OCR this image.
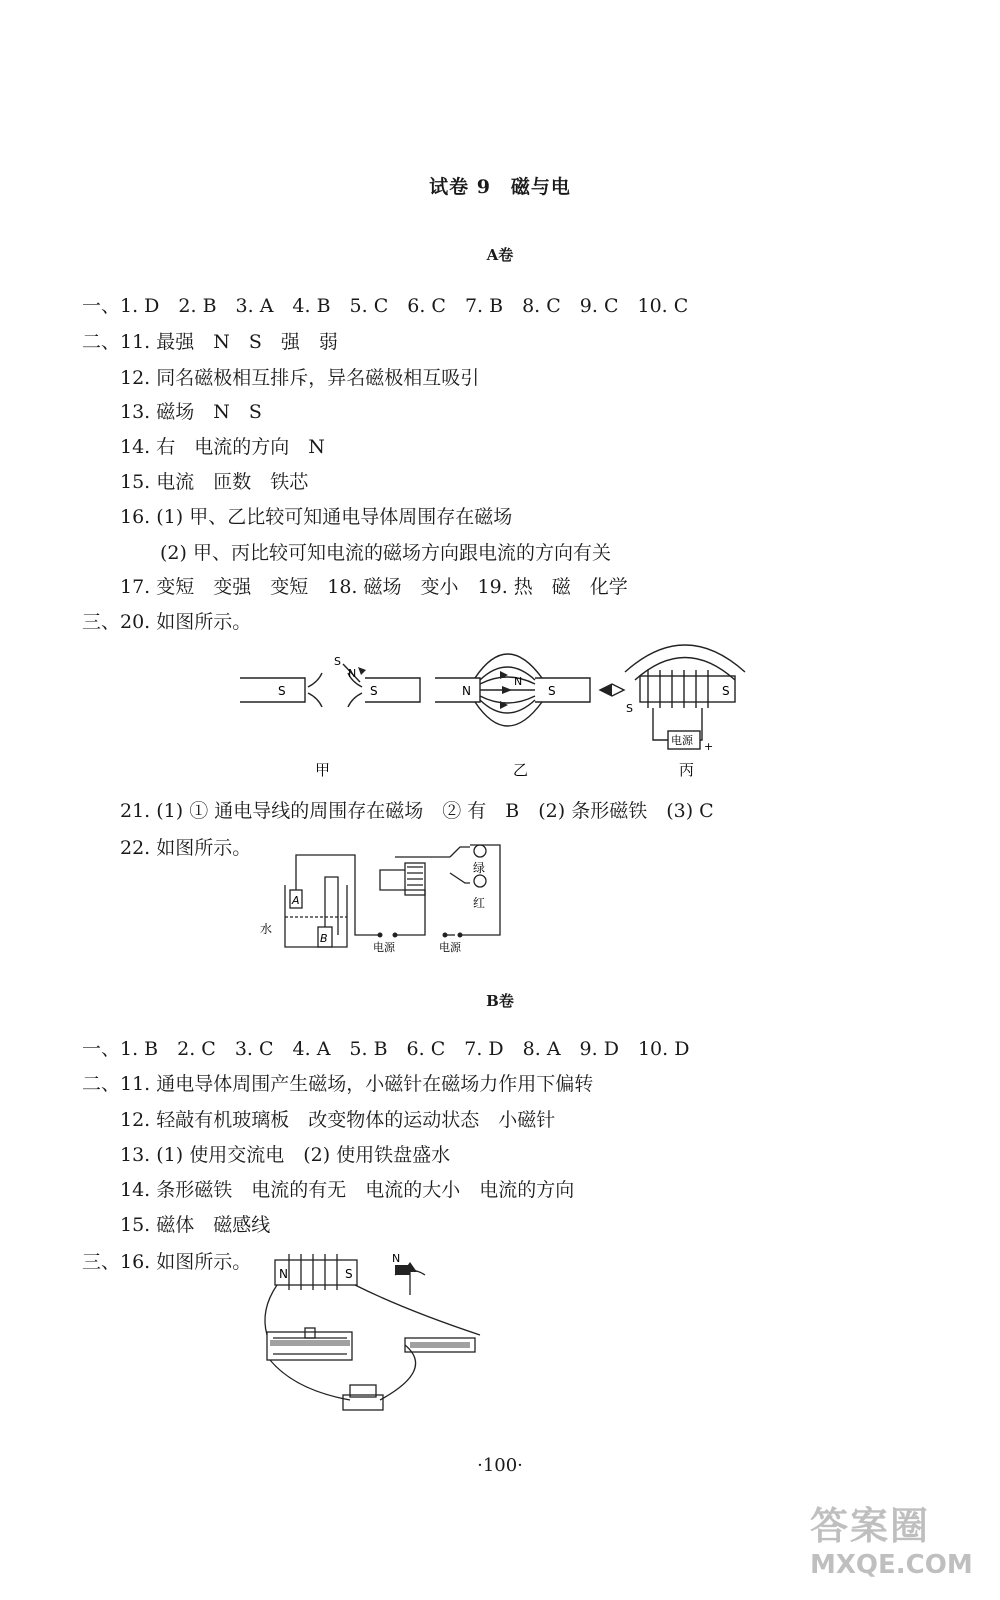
试卷 9　磁与电
A卷
一、1. D　2. B　3. A　4. B　5. C　6. C　7. B　8. C　9. C　10. C
二、11. 最强　N　S　强　弱
12. 同名磁极相互排斥，异名磁极相互吸引
13. 磁场　N　S
14. 右　电流的方向　N
15. 电流　匝数　铁芯
16. (1) 甲、乙比较可知通电导体周围存在磁场
(2) 甲、丙比较可知电流的磁场方向跟电流的方向有关
17. 变短　变强　变短　18. 磁场　变小　19. 热　磁　化学
三、20. 如图所示。
S	S
S
N
N
N
S	S
S
电源 +
甲	乙	丙
21. (1) ① 通电导线的周围存在磁场　② 有　B　(2) 条形磁铁　(3) C
22. 如图所示。
A
B
水
绿
红
电源	电源
B卷
一、1. B　2. C　3. C　4. A　5. B　6. C　7. D　8. A　9. D　10. D
二、11. 通电导体周围产生磁场，小磁针在磁场力作用下偏转
12. 轻敲有机玻璃板　改变物体的运动状态　小磁针
13. (1) 使用交流电　(2) 使用铁盘盛水
14. 条形磁铁　电流的有无　电流的大小　电流的方向
15. 磁体　磁感线
三、16. 如图所示。
N	S
N
·100·
答案圈
MXQE.COM
